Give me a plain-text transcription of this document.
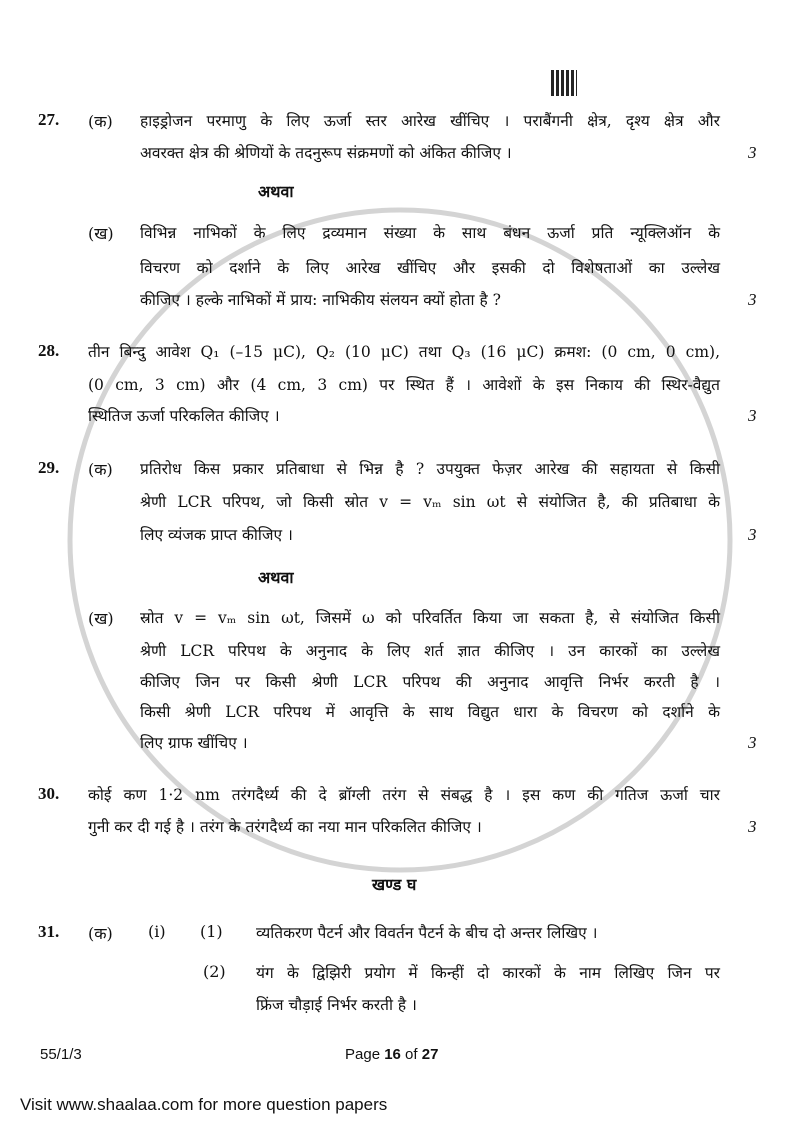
27. (क) हाइड्रोजन परमाणु के लिए ऊर्जा स्तर आरेख खींचिए । पराबैंगनी क्षेत्र, दृश्य क्षेत्र और
अवरक्त क्षेत्र की श्रेणियों के तदनुरूप संक्रमणों को अंकित कीजिए ।	3
अथवा
(ख) विभिन्न नाभिकों के लिए द्रव्यमान संख्या के साथ बंधन ऊर्जा प्रति न्यूक्लिऑन के
विचरण को दर्शाने के लिए आरेख खींचिए और इसकी दो विशेषताओं का उल्लेख
कीजिए । हल्के नाभिकों में प्राय: नाभिकीय संलयन क्यों होता है ?	3
28. तीन बिन्दु आवेश Q₁ (–15 μC), Q₂ (10 μC) तथा Q₃ (16 μC) क्रमश: (0 cm, 0 cm),
(0 cm, 3 cm) और (4 cm, 3 cm) पर स्थित हैं । आवेशों के इस निकाय की स्थिर-वैद्युत
स्थितिज ऊर्जा परिकलित कीजिए ।	3
29. (क) प्रतिरोध किस प्रकार प्रतिबाधा से भिन्न है ? उपयुक्त फेज़र आरेख की सहायता से किसी
श्रेणी LCR परिपथ, जो किसी स्रोत v = vₘ sin ωt से संयोजित है, की प्रतिबाधा के
लिए व्यंजक प्राप्त कीजिए ।	3
अथवा
(ख) स्रोत v = vₘ sin ωt, जिसमें ω को परिवर्तित किया जा सकता है, से संयोजित किसी
श्रेणी LCR परिपथ के अनुनाद के लिए शर्त ज्ञात कीजिए । उन कारकों का उल्लेख
कीजिए जिन पर किसी श्रेणी LCR परिपथ की अनुनाद आवृत्ति निर्भर करती है ।
किसी श्रेणी LCR परिपथ में आवृत्ति के साथ विद्युत धारा के विचरण को दर्शाने के
लिए ग्राफ खींचिए ।	3
30. कोई कण 1·2 nm तरंगदैर्ध्य की दे ब्रॉग्ली तरंग से संबद्ध है । इस कण की गतिज ऊर्जा चार
गुनी कर दी गई है । तरंग के तरंगदैर्ध्य का नया मान परिकलित कीजिए ।	3
खण्ड घ
31. (क) (i) (1) व्यतिकरण पैटर्न और विवर्तन पैटर्न के बीच दो अन्तर लिखिए ।
(2) यंग के द्विझिरी प्रयोग में किन्हीं दो कारकों के नाम लिखिए जिन पर
फ्रिंज चौड़ाई निर्भर करती है ।
55/1/3	Page 16 of 27
Visit www.shaalaa.com for more question papers
